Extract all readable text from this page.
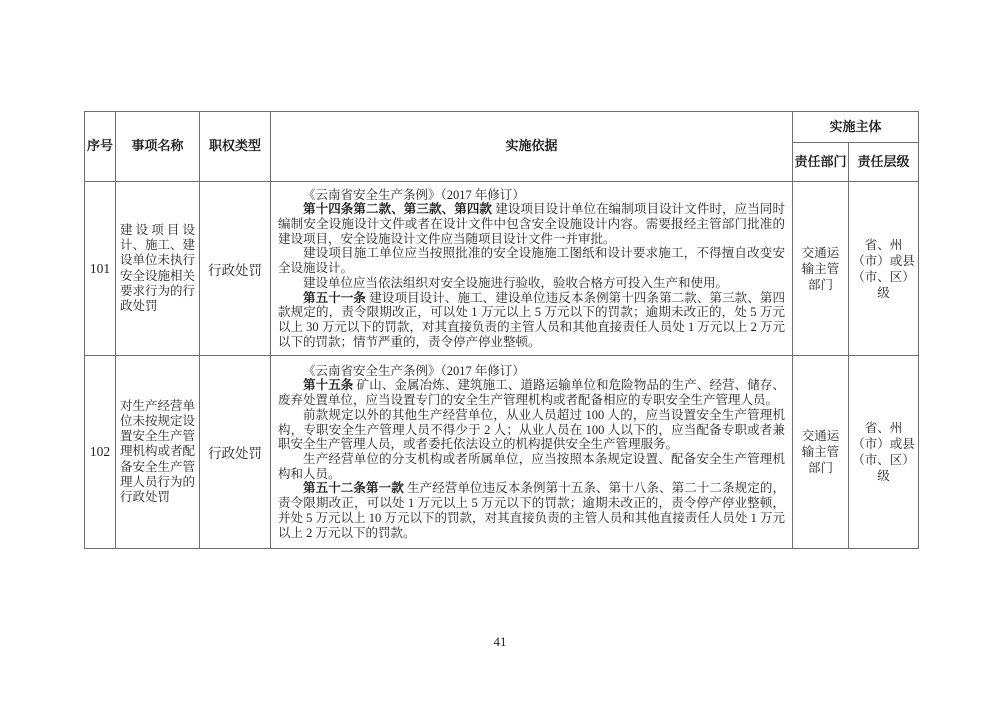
序号	事项名称	职权类型	实施依据	实施主体	
				责任部门	责任层级
101	建设项目设计、施工、建设单位未执行安全设施相关要求行为的行政处罚	行政处罚	《云南省安全生产条例》（2017 年修订）

第十四条第二款、第三款、第四款 建设项目设计单位在编制项目设计文件时，应当同时编制安全设施设计文件或者在设计文件中包含安全设施设计内容。需要报经主管部门批准的建设项目，安全设施设计文件应当随项目设计文件一并审批。

建设项目施工单位应当按照批准的安全设施施工图纸和设计要求施工，不得擅自改变安全设施设计。

建设单位应当依法组织对安全设施进行验收，验收合格方可投入生产和使用。

第五十一条 建设项目设计、施工、建设单位违反本条例第十四条第二款、第三款、第四款规定的，责令限期改正，可以处 1 万元以上 5 万元以下的罚款；逾期未改正的，处 5 万元以上 30 万元以下的罚款，对其直接负责的主管人员和其他直接责任人员处 1 万元以上 2 万元以下的罚款；情节严重的，责令停产停业整顿。	交通运输主管部门	省、州（市）或县（市、区）级
102	对生产经营单位未按规定设置安全生产管理机构或者配备安全生产管理人员行为的行政处罚	行政处罚	《云南省安全生产条例》（2017 年修订）

第十五条 矿山、金属冶炼、建筑施工、道路运输单位和危险物品的生产、经营、储存、废弃处置单位，应当设置专门的安全生产管理机构或者配备相应的专职安全生产管理人员。

前款规定以外的其他生产经营单位，从业人员超过 100 人的，应当设置安全生产管理机构，专职安全生产管理人员不得少于 2 人；从业人员在 100 人以下的，应当配备专职或者兼职安全生产管理人员，或者委托依法设立的机构提供安全生产管理服务。

生产经营单位的分支机构或者所属单位，应当按照本条规定设置、配备安全生产管理机构和人员。

第五十二条第一款 生产经营单位违反本条例第十五条、第十八条、第二十二条规定的，责令限期改正，可以处 1 万元以上 5 万元以下的罚款；逾期未改正的，责令停产停业整顿，并处 5 万元以上 10 万元以下的罚款，对其直接负责的主管人员和其他直接责任人员处 1 万元以上 2 万元以下的罚款。	交通运输主管部门	省、州（市）或县（市、区）级
41
